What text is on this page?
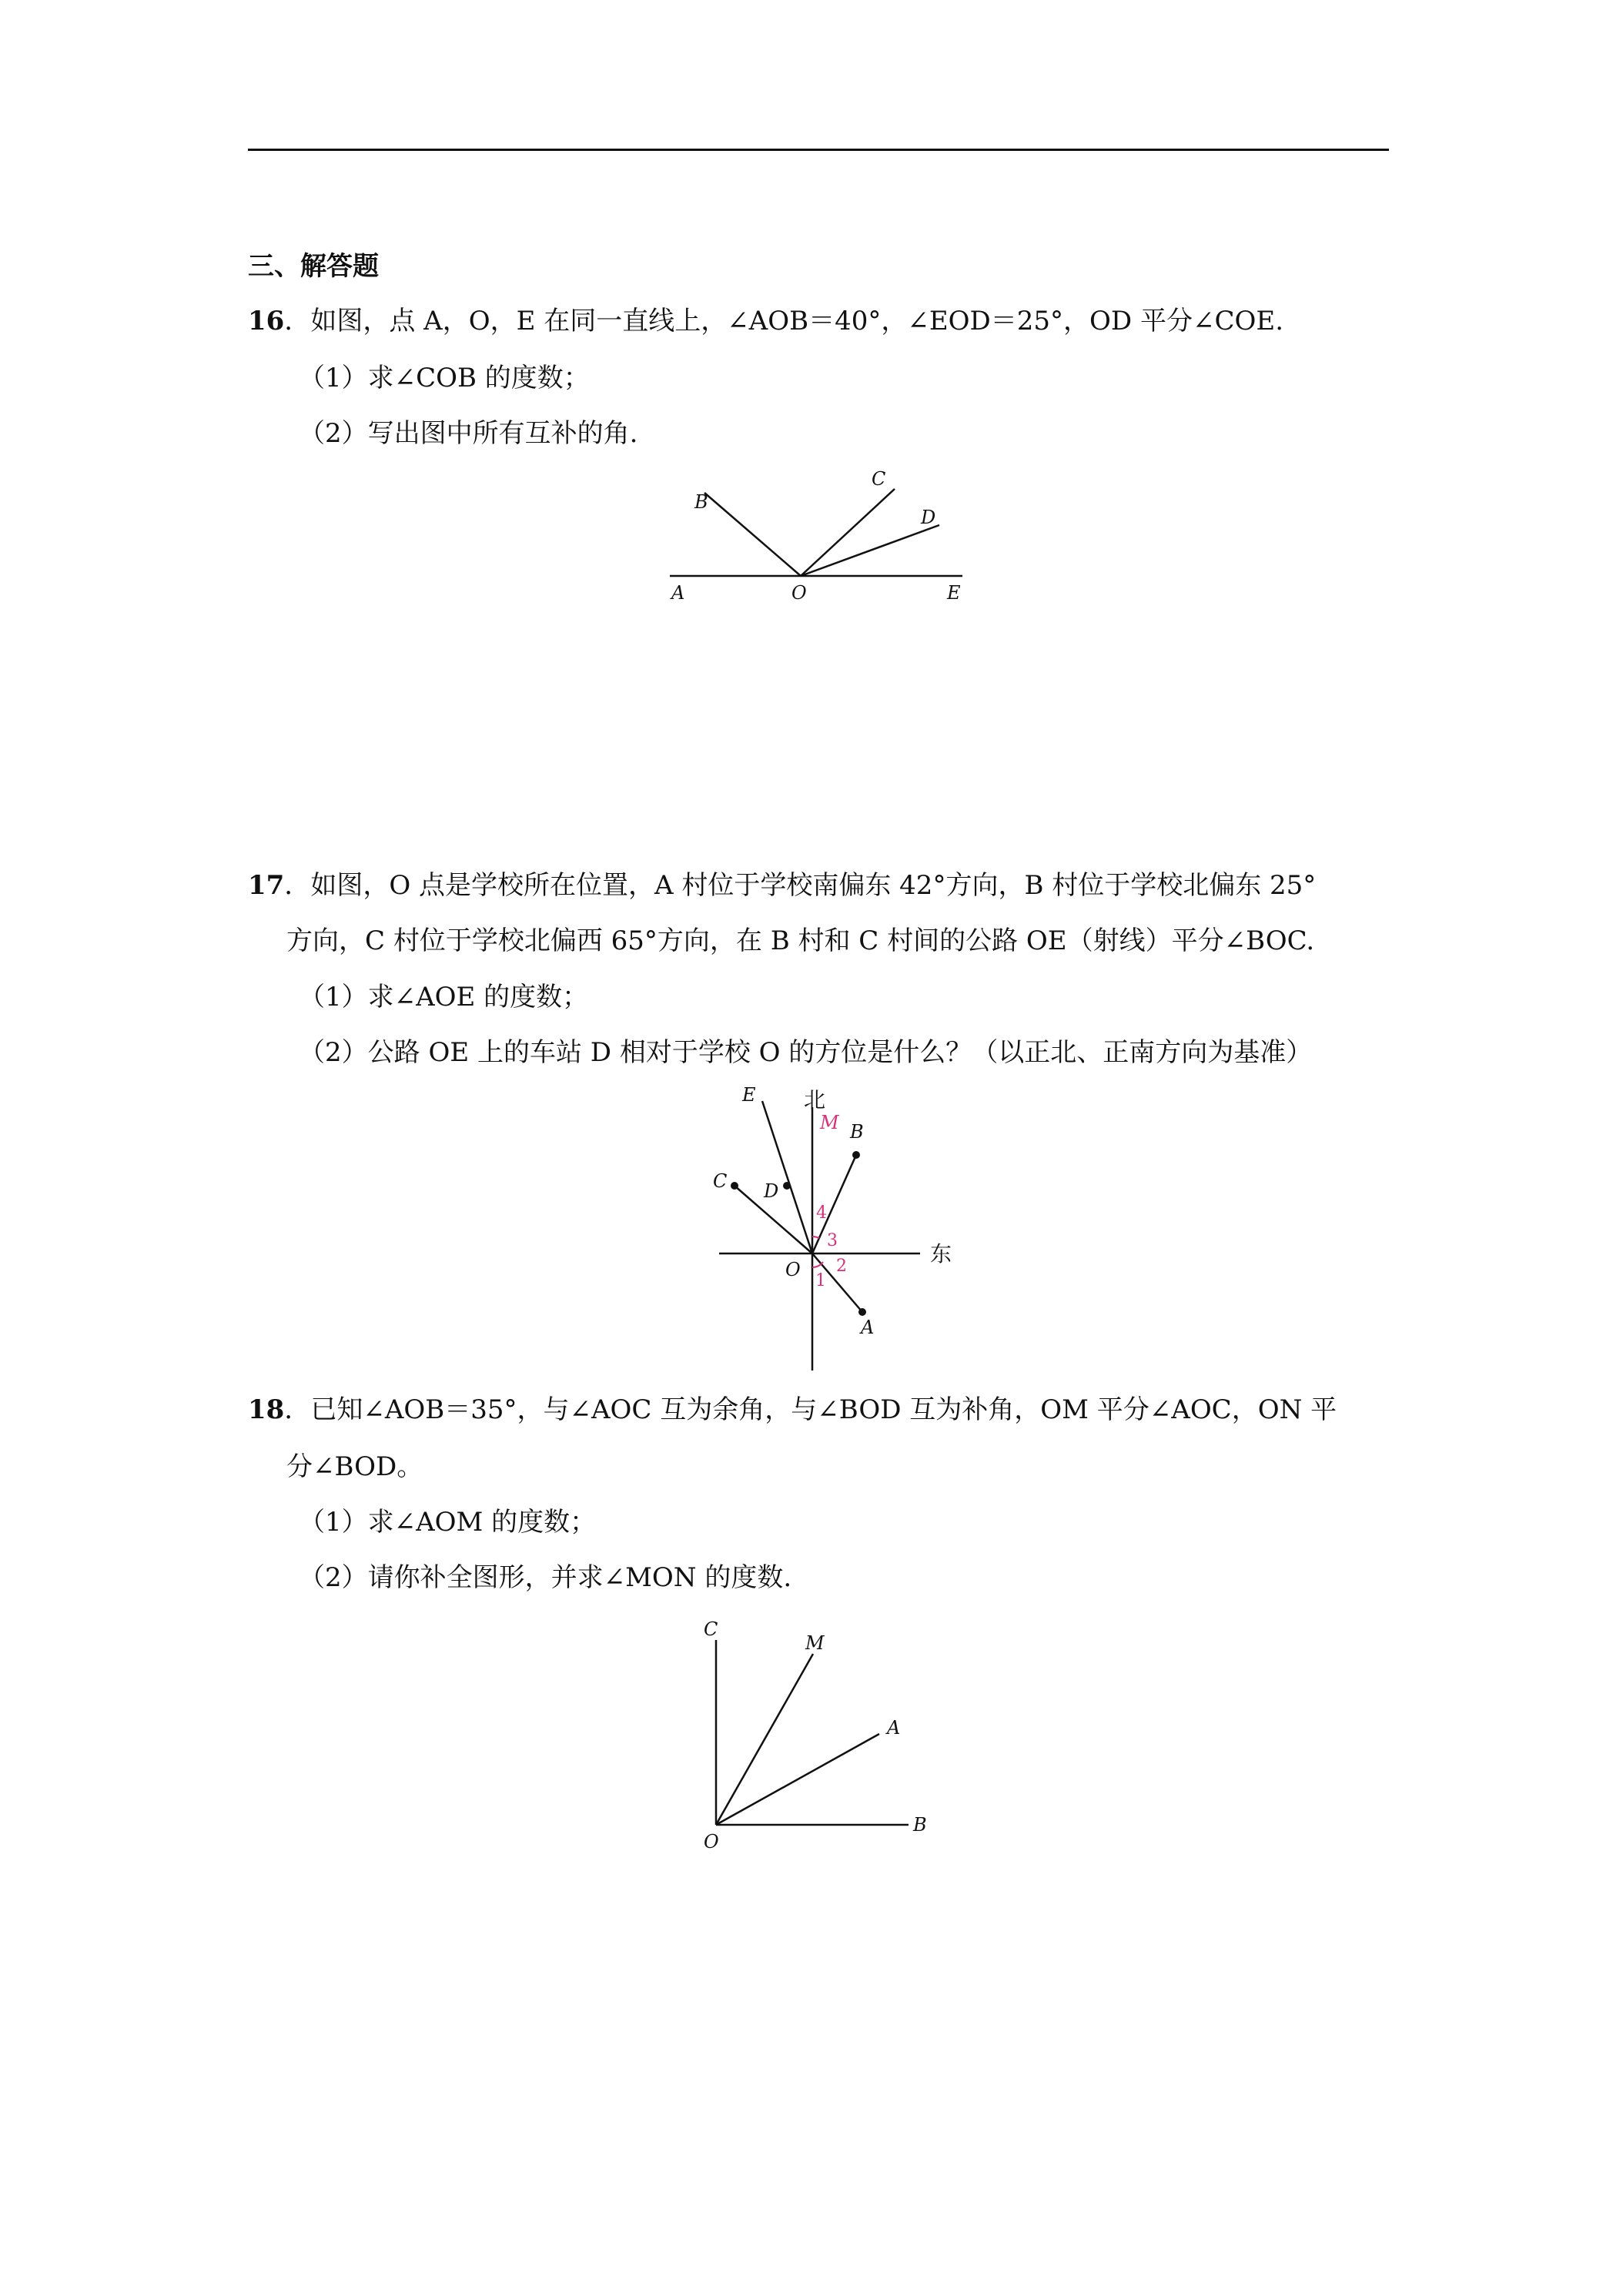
三、解答题
16．如图，点 A，O，E 在同一直线上，∠AOB＝40°，∠EOD＝25°，OD 平分∠COE.
（1）求∠COB 的度数；
（2）写出图中所有互补的角.
B
C
D
A	O	E
17．如图，O 点是学校所在位置，A 村位于学校南偏东 42°方向，B 村位于学校北偏东 25°
方向，C 村位于学校北偏西 65°方向，在 B 村和 C 村间的公路 OE（射线）平分∠BOC.
（1）求∠AOE 的度数；
（2）公路 OE 上的车站 D 相对于学校 O 的方位是什么？（以正北、正南方向为基准）
E 北
M B
C D
O
东
A
4
3
2
1
18．已知∠AOB＝35°，与∠AOC 互为余角，与∠BOD 互为补角，OM 平分∠AOC，ON 平
分∠BOD。
（1）求∠AOM 的度数；
（2）请你补全图形，并求∠MON 的度数.
C
M
A
O
B
